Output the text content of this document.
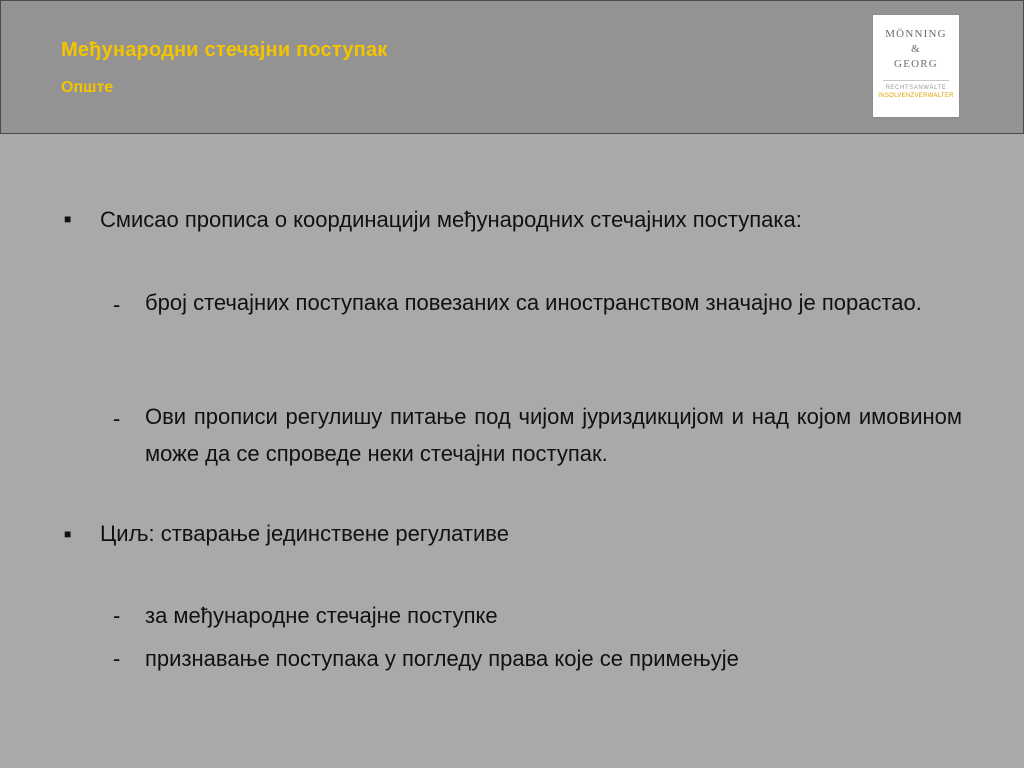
Међународни стечајни поступак
Опште
MÖNNING
&
GEORG
RECHTSANWÄLTE
INSOLVENZVERWALTER
■ Смисао прописа о координацији међународних стечајних поступака:
- број стечајних поступака повезаних са иностранством значајно је порастао.
- Ови прописи регулишу питање под чијом јуриздикцијом и над којом имовином може да се спроведе неки стечајни поступак.
■ Циљ: стварање јединствене регулативе
- за међународне стечајне поступке
- признавање поступака у погледу права које се примењује
